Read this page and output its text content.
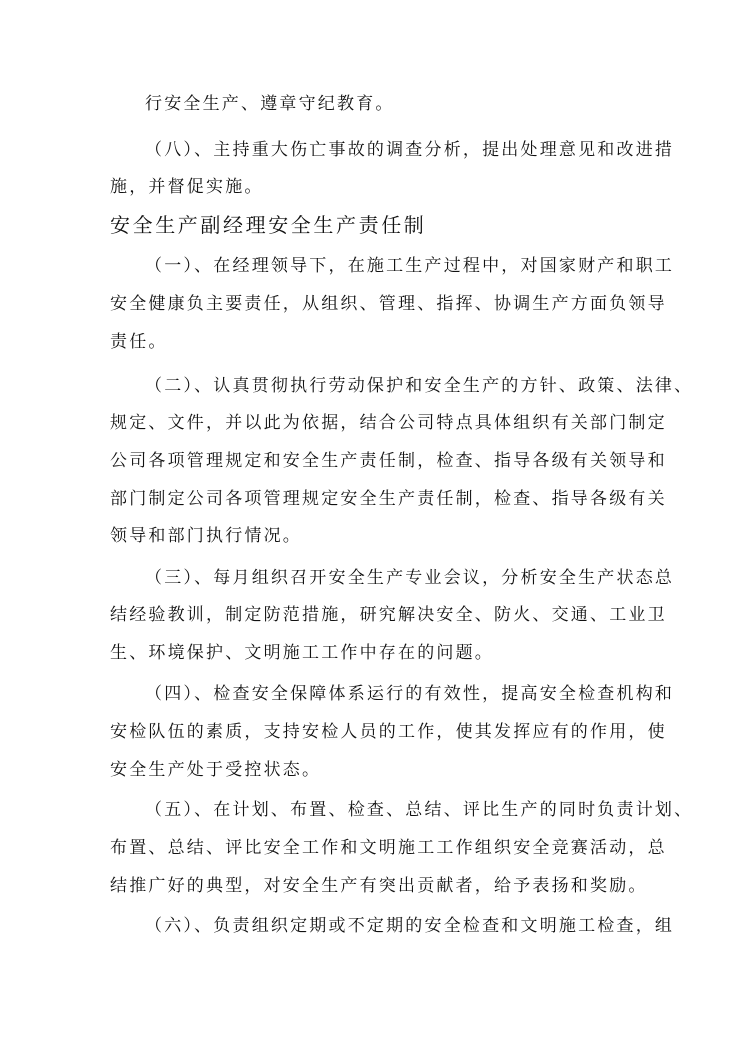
行安全生产、遵章守纪教育。
（八）、主持重大伤亡事故的调查分析，提出处理意见和改进措
施，并督促实施。
安全生产副经理安全生产责任制
（一）、在经理领导下，在施工生产过程中，对国家财产和职工
安全健康负主要责任，从组织、管理、指挥、协调生产方面负领导
责任。
（二）、认真贯彻执行劳动保护和安全生产的方针、政策、法律、
规定、文件，并以此为依据，结合公司特点具体组织有关部门制定
公司各项管理规定和安全生产责任制，检查、指导各级有关领导和
部门制定公司各项管理规定安全生产责任制，检查、指导各级有关
领导和部门执行情况。
（三）、每月组织召开安全生产专业会议，分析安全生产状态总
结经验教训，制定防范措施，研究解决安全、防火、交通、工业卫
生、环境保护、文明施工工作中存在的问题。
（四）、检查安全保障体系运行的有效性，提高安全检查机构和
安检队伍的素质，支持安检人员的工作，使其发挥应有的作用，使
安全生产处于受控状态。
（五）、在计划、布置、检查、总结、评比生产的同时负责计划、
布置、总结、评比安全工作和文明施工工作组织安全竞赛活动，总
结推广好的典型，对安全生产有突出贡献者，给予表扬和奖励。
（六）、负责组织定期或不定期的安全检查和文明施工检查，组
